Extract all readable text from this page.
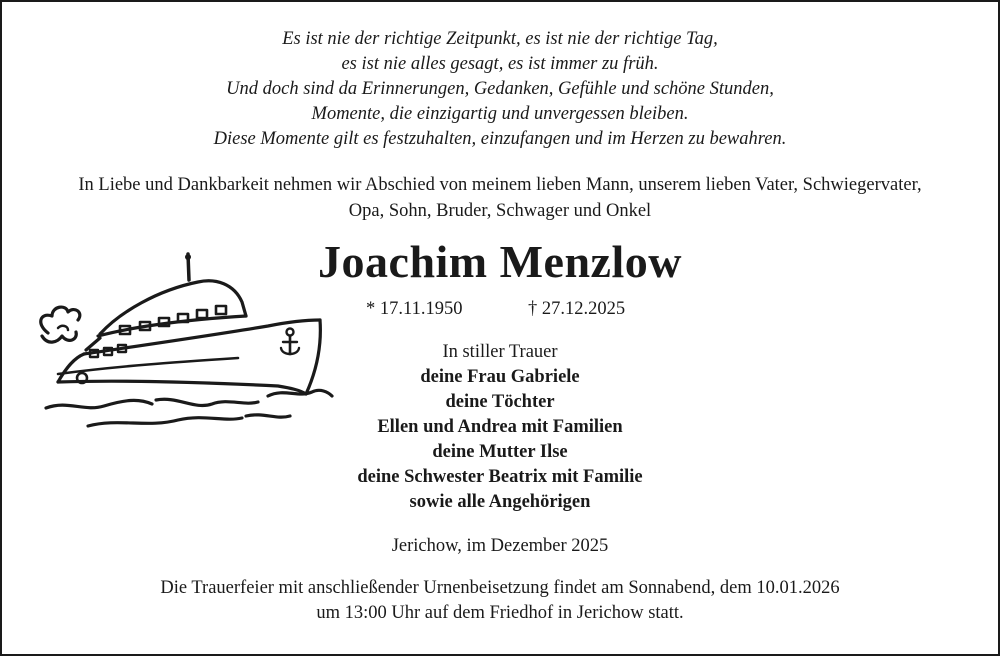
Es ist nie der richtige Zeitpunkt, es ist nie der richtige Tag,
es ist nie alles gesagt, es ist immer zu früh.
Und doch sind da Erinnerungen, Gedanken, Gefühle und schöne Stunden,
Momente, die einzigartig und unvergessen bleiben.
Diese Momente gilt es festzuhalten, einzufangen und im Herzen zu bewahren.
In Liebe und Dankbarkeit nehmen wir Abschied von meinem lieben Mann, unserem lieben Vater, Schwiegervater,
Opa, Sohn, Bruder, Schwager und Onkel
Joachim Menzlow
* 17.11.1950	† 27.12.2025
In stiller Trauer
deine Frau Gabriele
deine Töchter
Ellen und Andrea mit Familien
deine Mutter Ilse
deine Schwester Beatrix mit Familie
sowie alle Angehörigen
Jerichow, im Dezember 2025
Die Trauerfeier mit anschließender Urnenbeisetzung findet am Sonnabend, dem 10.01.2026
um 13:00 Uhr auf dem Friedhof in Jerichow statt.
